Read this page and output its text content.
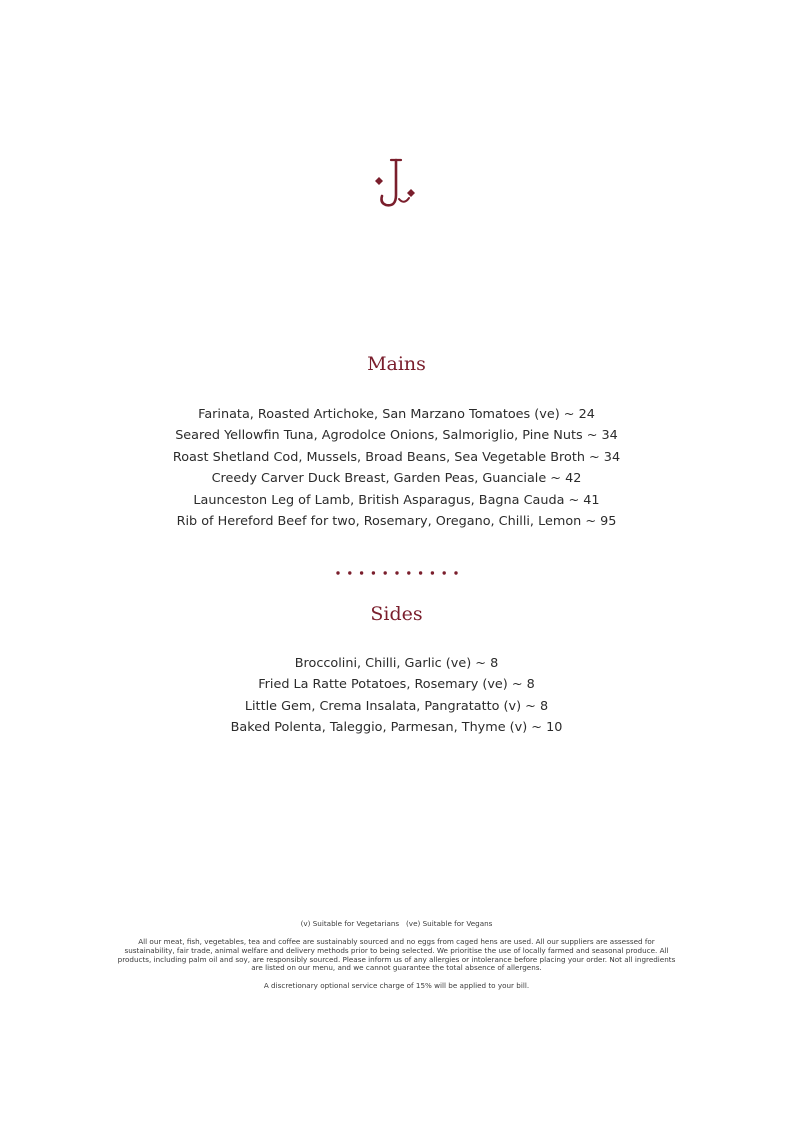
Mains
Farinata, Roasted Artichoke, San Marzano Tomatoes (ve) ~ 24
Seared Yellowfin Tuna, Agrodolce Onions, Salmoriglio, Pine Nuts ~ 34
Roast Shetland Cod, Mussels, Broad Beans, Sea Vegetable Broth ~ 34
Creedy Carver Duck Breast, Garden Peas, Guanciale ~ 42
Launceston Leg of Lamb, British Asparagus, Bagna Cauda ~ 41
Rib of Hereford Beef for two, Rosemary, Oregano, Chilli, Lemon ~ 95
Sides
Broccolini, Chilli, Garlic (ve) ~ 8
Fried La Ratte Potatoes, Rosemary (ve) ~ 8
Little Gem, Crema Insalata, Pangratatto (v) ~ 8
Baked Polenta, Taleggio, Parmesan, Thyme (v) ~ 10

(v) Suitable for Vegetarians   (ve) Suitable for Vegans

All our meat, fish, vegetables, tea and coffee are sustainably sourced and no eggs from caged hens are used. All our suppliers are assessed for sustainability, fair trade, animal welfare and delivery methods prior to being selected. We prioritise the use of locally farmed and seasonal produce. All products, including palm oil and soy, are responsibly sourced. Please inform us of any allergies or intolerance before placing your order. Not all ingredients are listed on our menu, and we cannot guarantee the total absence of allergens.

A discretionary optional service charge of 15% will be applied to your bill.
